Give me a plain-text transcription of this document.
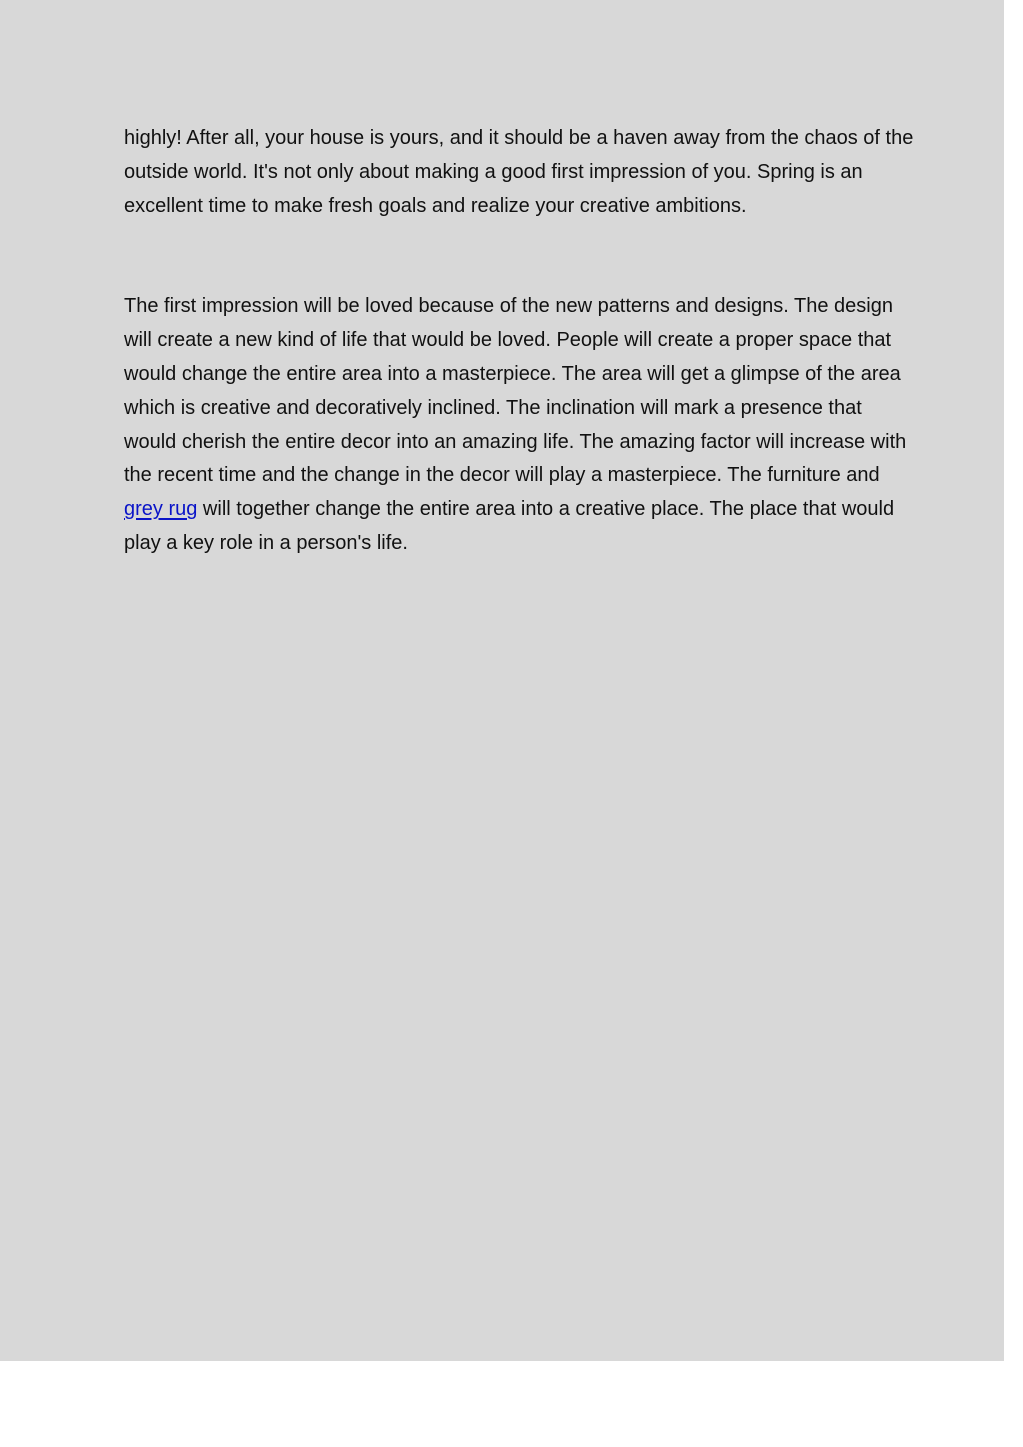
highly! After all, your house is yours, and it should be a haven away from the chaos of the outside world. It's not only about making a good first impression of you. Spring is an excellent time to make fresh goals and realize your creative ambitions.

The first impression will be loved because of the new patterns and designs. The design will create a new kind of life that would be loved. People will create a proper space that would change the entire area into a masterpiece. The area will get a glimpse of the area which is creative and decoratively inclined. The inclination will mark a presence that would cherish the entire decor into an amazing life. The amazing factor will increase with the recent time and the change in the decor will play a masterpiece. The furniture and grey rug will together change the entire area into a creative place. The place that would play a key role in a person's life.
